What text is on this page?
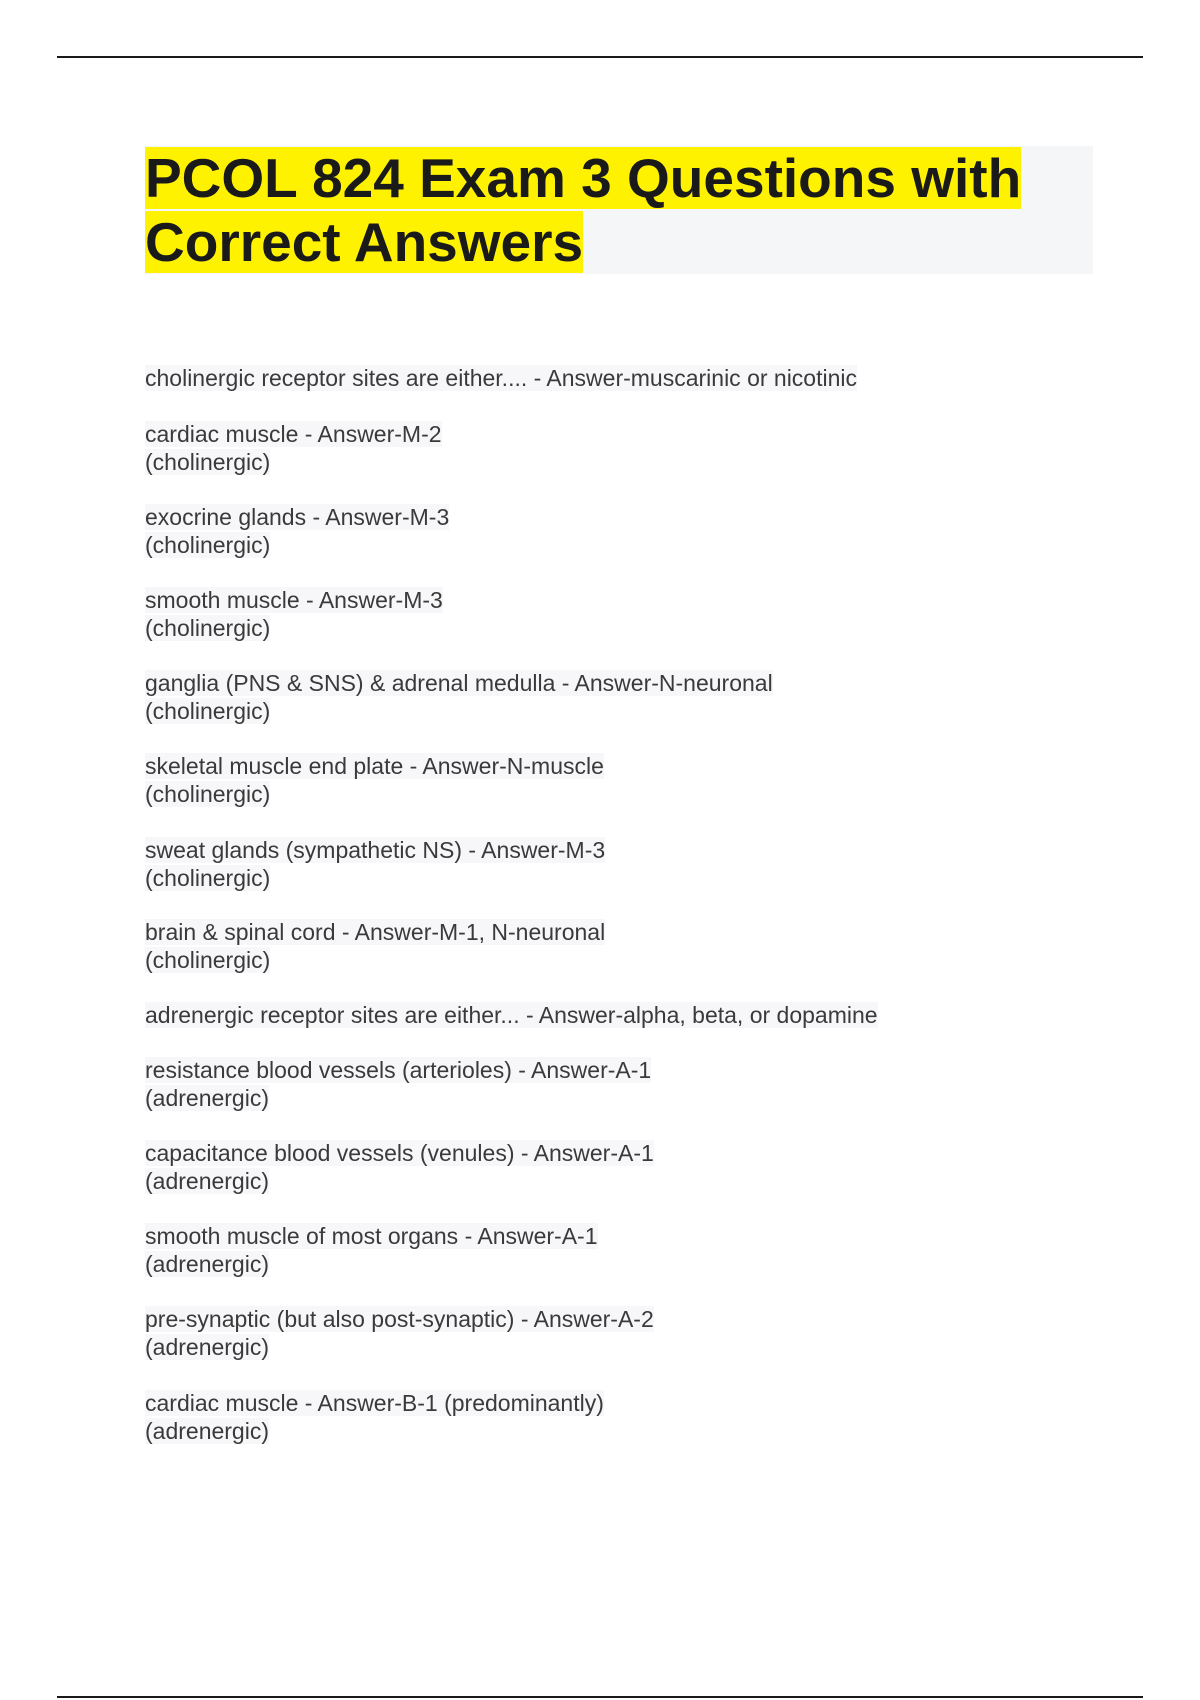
PCOL 824 Exam 3 Questions with
Correct Answers
cholinergic receptor sites are either.... - Answer-muscarinic or nicotinic
cardiac muscle - Answer-M-2
(cholinergic)
exocrine glands - Answer-M-3
(cholinergic)
smooth muscle - Answer-M-3
(cholinergic)
ganglia (PNS & SNS) & adrenal medulla - Answer-N-neuronal
(cholinergic)
skeletal muscle end plate - Answer-N-muscle
(cholinergic)
sweat glands (sympathetic NS) - Answer-M-3
(cholinergic)
brain & spinal cord - Answer-M-1, N-neuronal
(cholinergic)
adrenergic receptor sites are either... - Answer-alpha, beta, or dopamine
resistance blood vessels (arterioles) - Answer-A-1
(adrenergic)
capacitance blood vessels (venules) - Answer-A-1
(adrenergic)
smooth muscle of most organs - Answer-A-1
(adrenergic)
pre-synaptic (but also post-synaptic) - Answer-A-2
(adrenergic)
cardiac muscle - Answer-B-1 (predominantly)
(adrenergic)
